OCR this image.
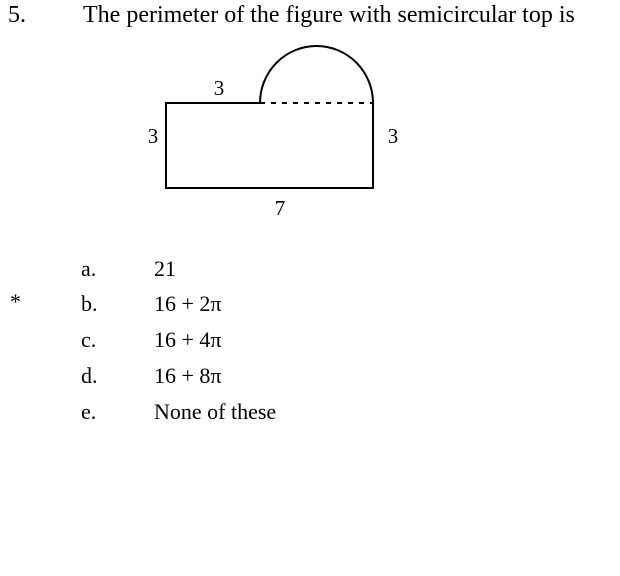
5. The perimeter of the figure with semicircular top is
3
3	3
7
*
a.	21
b.	16 + 2π
c.	16 + 4π
d.	16 + 8π
e.	None of these
